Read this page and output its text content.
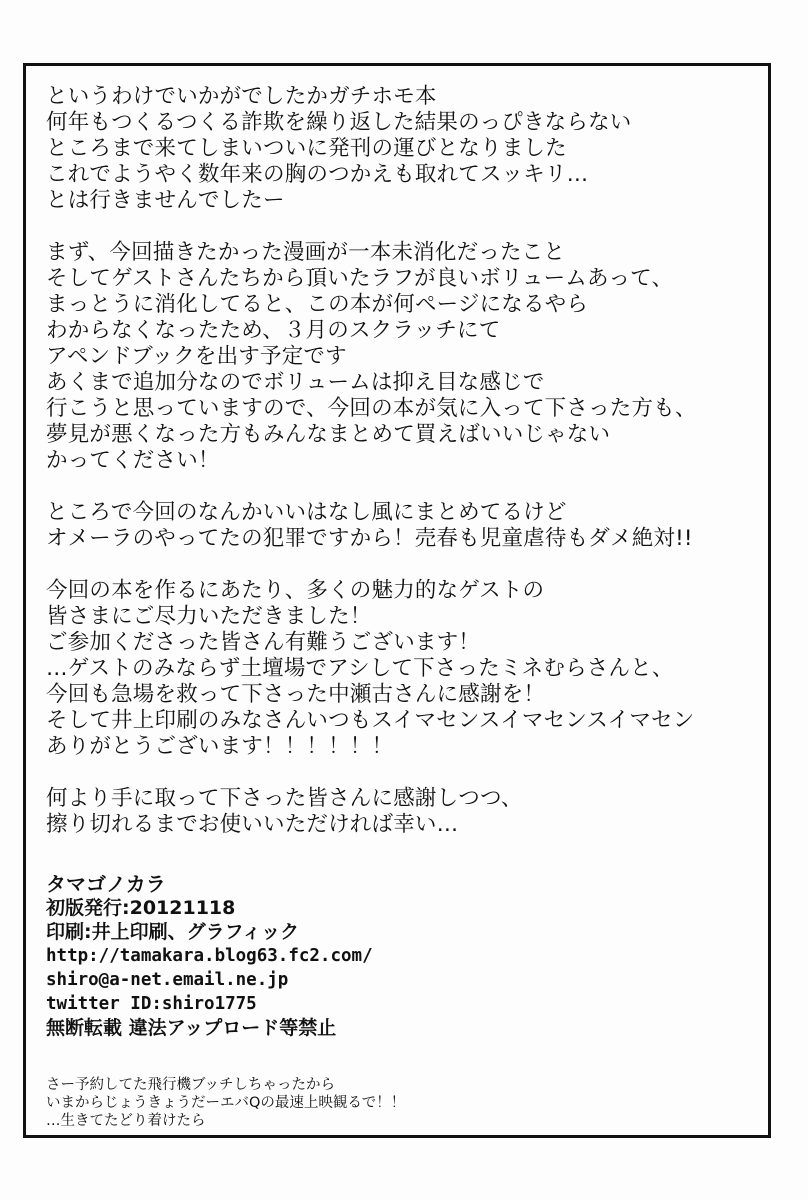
というわけでいかがでしたかガチホモ本
何年もつくるつくる詐欺を繰り返した結果のっぴきならない
ところまで来てしまいついに発刊の運びとなりました
これでようやく数年来の胸のつかえも取れてスッキリ…
とは行きませんでしたー

まず、今回描きたかった漫画が一本未消化だったこと
そしてゲストさんたちから頂いたラフが良いボリュームあって、
まっとうに消化してると、この本が何ページになるやら
わからなくなったため、３月のスクラッチにて
アペンドブックを出す予定です
あくまで追加分なのでボリュームは抑え目な感じで
行こうと思っていますので、今回の本が気に入って下さった方も、
夢見が悪くなった方もみんなまとめて買えばいいじゃない
かってください！

ところで今回のなんかいいはなし風にまとめてるけど
オメーラのやってたの犯罪ですから！売春も児童虐待もダメ絶対!!

今回の本を作るにあたり、多くの魅力的なゲストの
皆さまにご尽力いただきました！
ご参加くださった皆さん有難うございます！
…ゲストのみならず土壇場でアシして下さったミネむらさんと、
今回も急場を救って下さった中瀬古さんに感謝を！
そして井上印刷のみなさんいつもスイマセンスイマセンスイマセン
ありがとうございます！！！！！！

何より手に取って下さった皆さんに感謝しつつ、
擦り切れるまでお使いいただければ幸い…

タマゴノカラ
初版発行:20121118
印刷:井上印刷、グラフィック
http://tamakara.blog63.fc2.com/
shiro@a-net.email.ne.jp
twitter ID:shiro1775
無断転載 違法アップロード等禁止
さー予約してた飛行機ブッチしちゃったから
いまからじょうきょうだーエバQの最速上映観るで！！
…生きてたどり着けたら
